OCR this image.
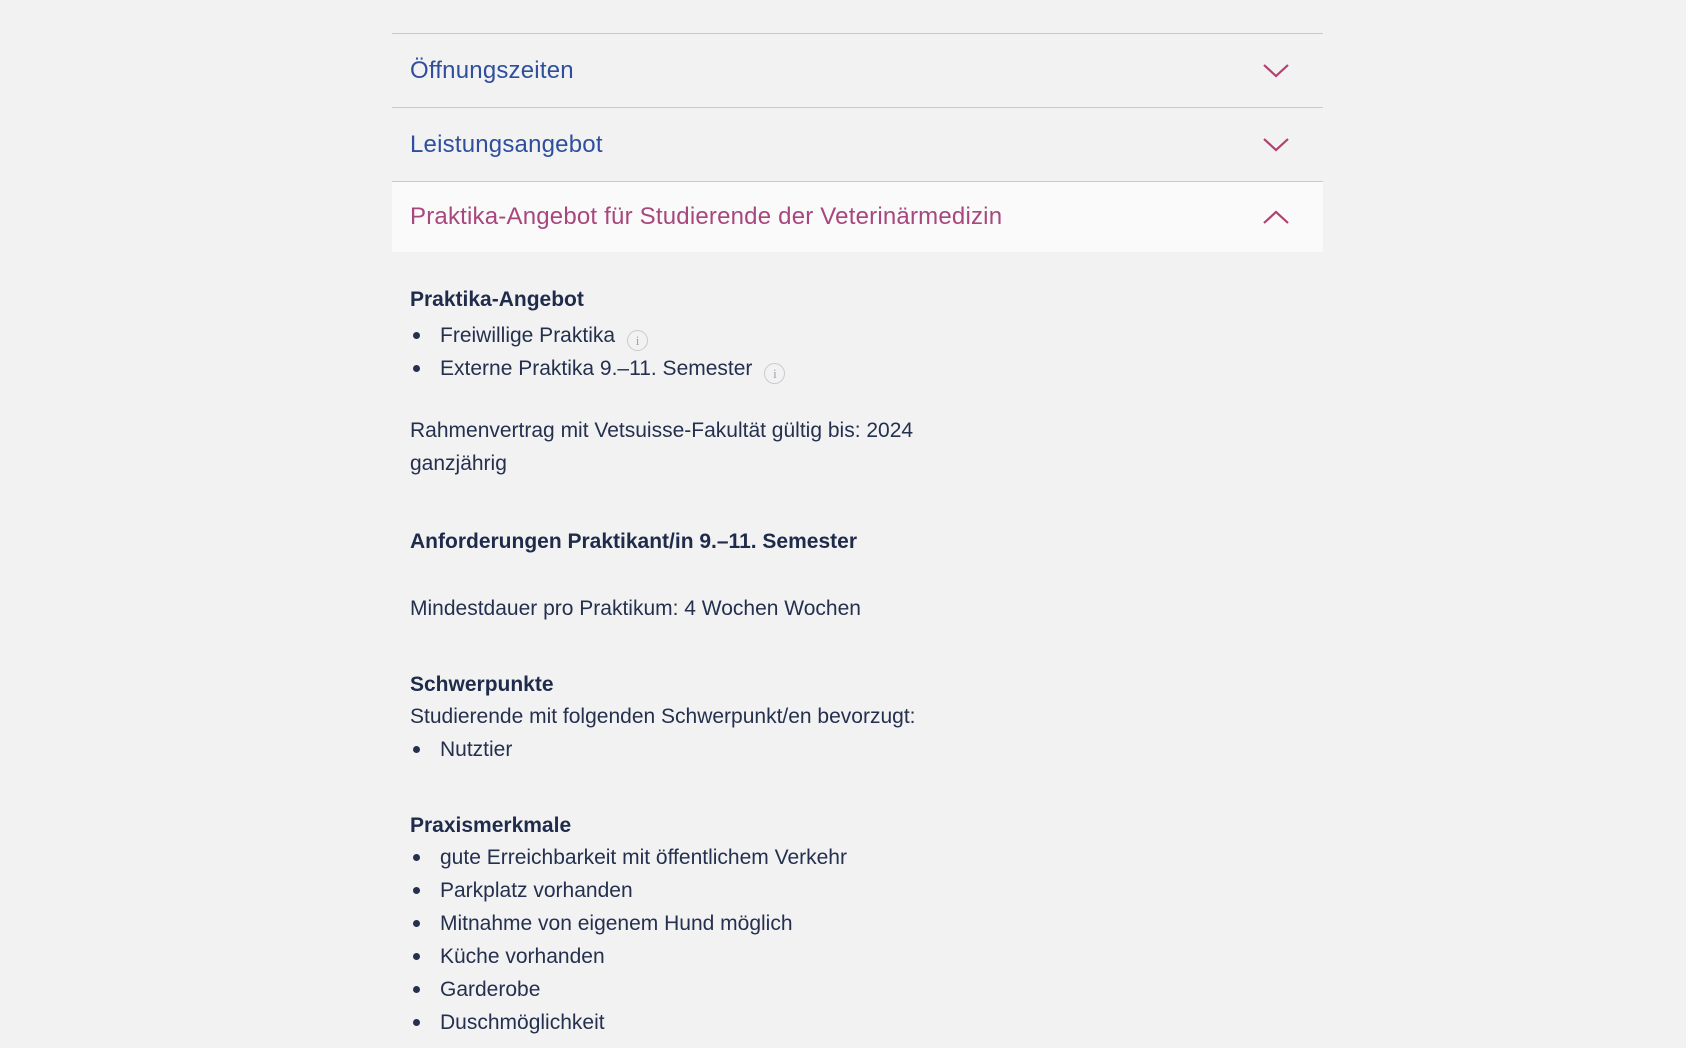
Öffnungszeiten
Leistungsangebot
Praktika-Angebot für Studierende der Veterinärmedizin
Praktika-Angebot
Freiwillige Praktika i
Externe Praktika 9.–11. Semester i

Rahmenvertrag mit Vetsuisse-Fakultät gültig bis: 2024
ganzjährig

Anforderungen Praktikant/in 9.–11. Semester

Mindestdauer pro Praktikum: 4 Wochen Wochen

Schwerpunkte

Studierende mit folgenden Schwerpunkt/en bevorzugt:

Nutztier
Praxismerkmale
gute Erreichbarkeit mit öffentlichem Verkehr
Parkplatz vorhanden
Mitnahme von eigenem Hund möglich
Küche vorhanden
Garderobe
Duschmöglichkeit
